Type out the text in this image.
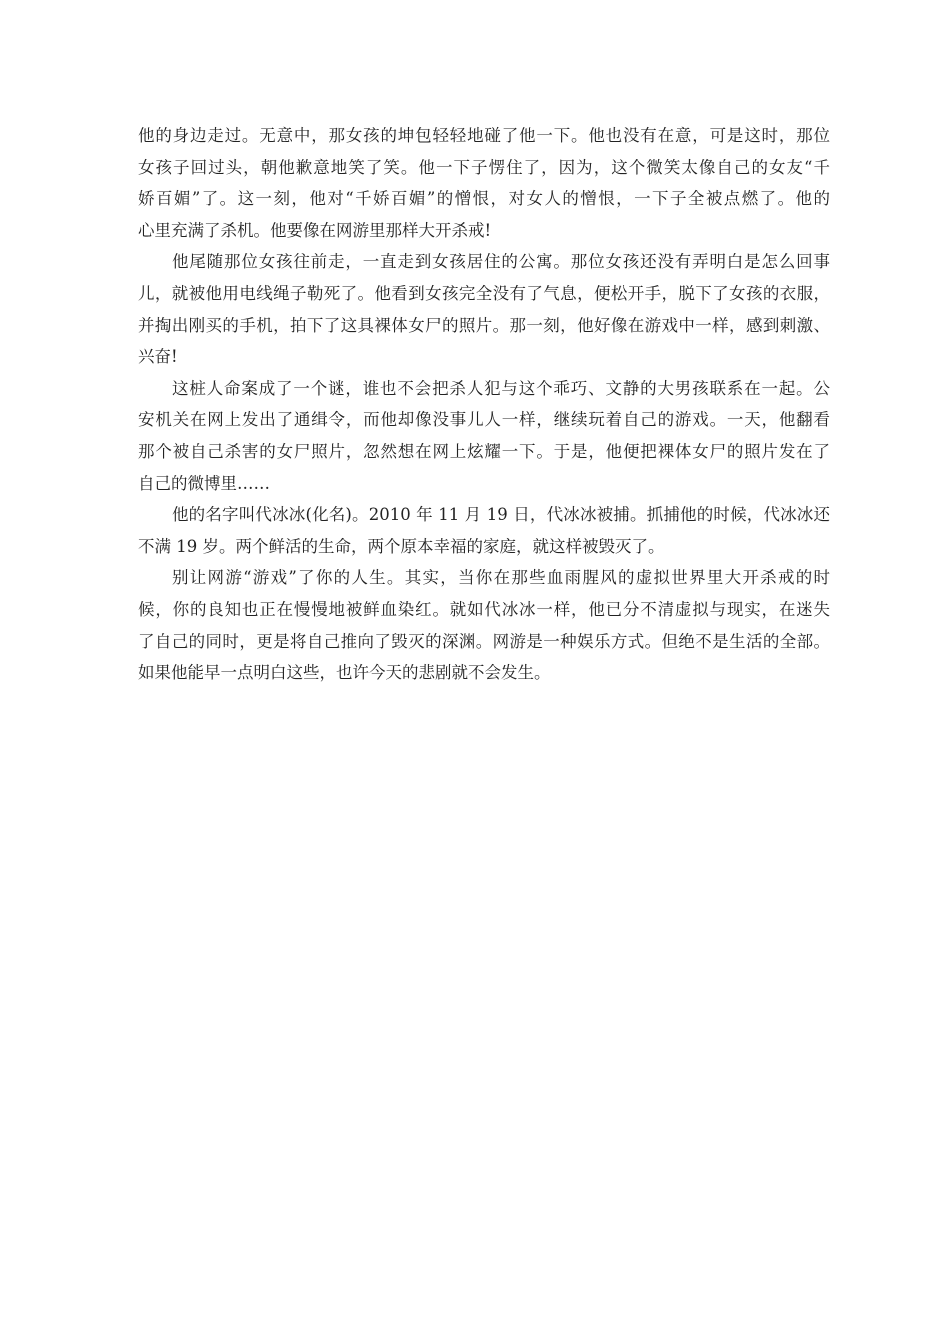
他的身边走过。无意中，那女孩的坤包轻轻地碰了他一下。他也没有在意，可是这时，那位
女孩子回过头，朝他歉意地笑了笑。他一下子愣住了，因为，这个微笑太像自己的女友“千
娇百媚”了。这一刻，他对“千娇百媚”的憎恨，对女人的憎恨，一下子全被点燃了。他的
心里充满了杀机。他要像在网游里那样大开杀戒!
他尾随那位女孩往前走，一直走到女孩居住的公寓。那位女孩还没有弄明白是怎么回事
儿，就被他用电线绳子勒死了。他看到女孩完全没有了气息，便松开手，脱下了女孩的衣服，
并掏出刚买的手机，拍下了这具裸体女尸的照片。那一刻，他好像在游戏中一样，感到刺激、
兴奋!
这桩人命案成了一个谜，谁也不会把杀人犯与这个乖巧、文静的大男孩联系在一起。公
安机关在网上发出了通缉令，而他却像没事儿人一样，继续玩着自己的游戏。一天，他翻看
那个被自己杀害的女尸照片，忽然想在网上炫耀一下。于是，他便把裸体女尸的照片发在了
自己的微博里……
他的名字叫代冰冰(化名)。2010 年 11 月 19 日，代冰冰被捕。抓捕他的时候，代冰冰还
不满 19 岁。两个鲜活的生命，两个原本幸福的家庭，就这样被毁灭了。
别让网游“游戏”了你的人生。其实，当你在那些血雨腥风的虚拟世界里大开杀戒的时
候，你的良知也正在慢慢地被鲜血染红。就如代冰冰一样，他已分不清虚拟与现实，在迷失
了自己的同时，更是将自己推向了毁灭的深渊。网游是一种娱乐方式。但绝不是生活的全部。
如果他能早一点明白这些，也许今天的悲剧就不会发生。
